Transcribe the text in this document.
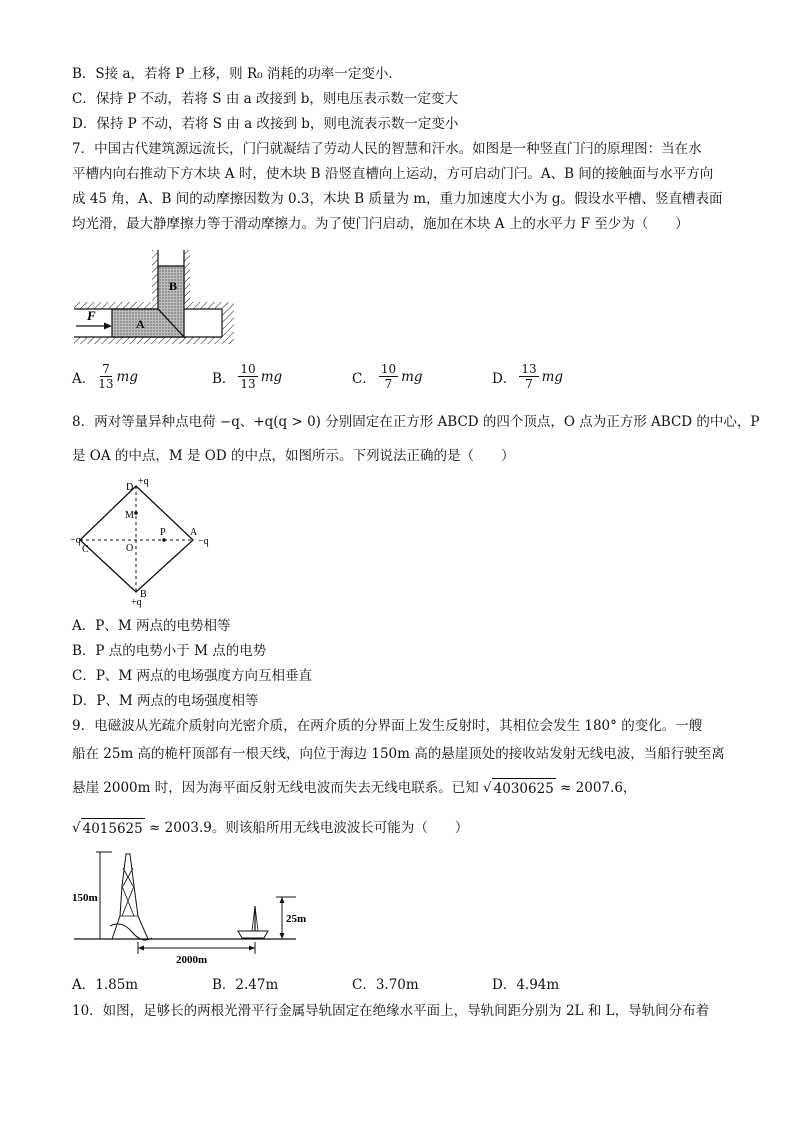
B．S接 a，若将 P 上移，则 R₀ 消耗的功率一定变小．
C．保持 P 不动，若将 S 由 a 改接到 b，则电压表示数一定变大
D．保持 P 不动，若将 S 由 a 改接到 b，则电流表示数一定变小
7．中国古代建筑源远流长，门闩就凝结了劳动人民的智慧和汗水。如图是一种竖直门闩的原理图：当在水
平槽内向右推动下方木块 A 时，使木块 B 沿竖直槽向上运动，方可启动门闩。A、B 间的接触面与水平方向
成 45 角，A、B 间的动摩擦因数为 0.3，木块 B 质量为 m，重力加速度大小为 g。假设水平槽、竖直槽表面
均光滑，最大静摩擦力等于滑动摩擦力。为了使门闩启动，施加在木块 A 上的水平力 F 至少为（　　）
F
A
B
A． $\frac{7}{13}$ mg	B． $\frac{10}{13}$ mg	C． $\frac{10}{7}$ mg	D． $\frac{13}{7}$ mg
8．两对等量异种点电荷 −q、+q(q > 0) 分别固定在正方形 ABCD 的四个顶点，O 点为正方形 ABCD 的中心，P
是 OA 的中点，M 是 OD 的中点，如图所示。下列说法正确的是（　　）
D
+q
M
P A
−q
O
C
−q
B
+q
A．P、M 两点的电势相等
B．P 点的电势小于 M 点的电势
C．P、M 两点的电场强度方向互相垂直
D．P、M 两点的电场强度相等
9．电磁波从光疏介质射向光密介质，在两介质的分界面上发生反射时，其相位会发生 180° 的变化。一艘
船在 25m 高的桅杆顶部有一根天线，向位于海边 150m 高的悬崖顶处的接收站发射无线电波，当船行驶至离
悬崖 2000m 时，因为海平面反射无线电波而失去无线电联系。已知 √ 4030625 ≈ 2007.6，
√ 4015625 ≈ 2003.9。则该船所用无线电波波长可能为（　　）
150m
25m
2000m
A．1.85m	B．2.47m	C．3.70m	D．4.94m
10．如图，足够长的两根光滑平行金属导轨固定在绝缘水平面上，导轨间距分别为 2L 和 L，导轨间分布着
